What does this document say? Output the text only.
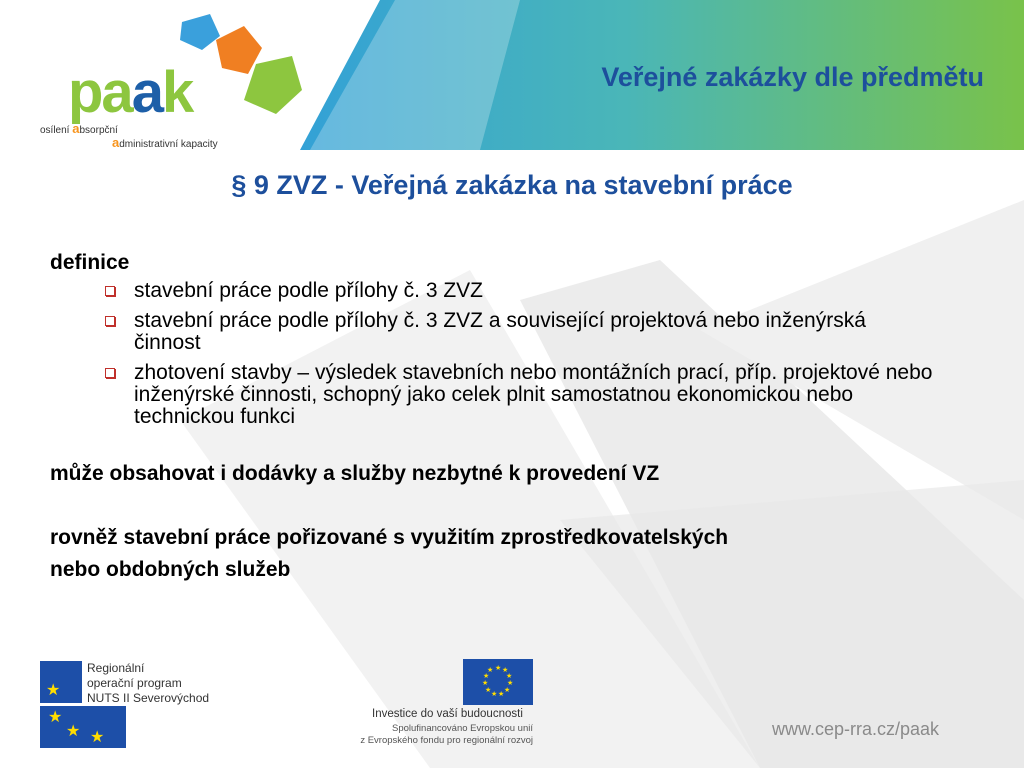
paak
osílení absorpční
administrativní kapacity
Veřejné zakázky dle předmětu
§ 9 ZVZ - Veřejná zakázka na stavební práce
definice
stavební práce podle přílohy č. 3 ZVZ
stavební práce podle přílohy č. 3 ZVZ a související projektová nebo inženýrská činnost
zhotovení stavby – výsledek stavebních nebo montážních prací, příp. projektové nebo inženýrské činnosti, schopný jako celek plnit samostatnou ekonomickou nebo technickou funkci
může obsahovat i dodávky a služby nezbytné k provedení VZ
rovněž stavební práce pořizované s využitím zprostředkovatelských
nebo obdobných služeb
★
★
★ ★
Regionální
operační program
NUTS II Severovýchod
★ ★
★
★
★
★
★
★
★
★
★
Investice do vaší budoucnosti
Spolufinancováno Evropskou unií
z Evropského fondu pro regionální rozvoj
www.cep-rra.cz/paak
